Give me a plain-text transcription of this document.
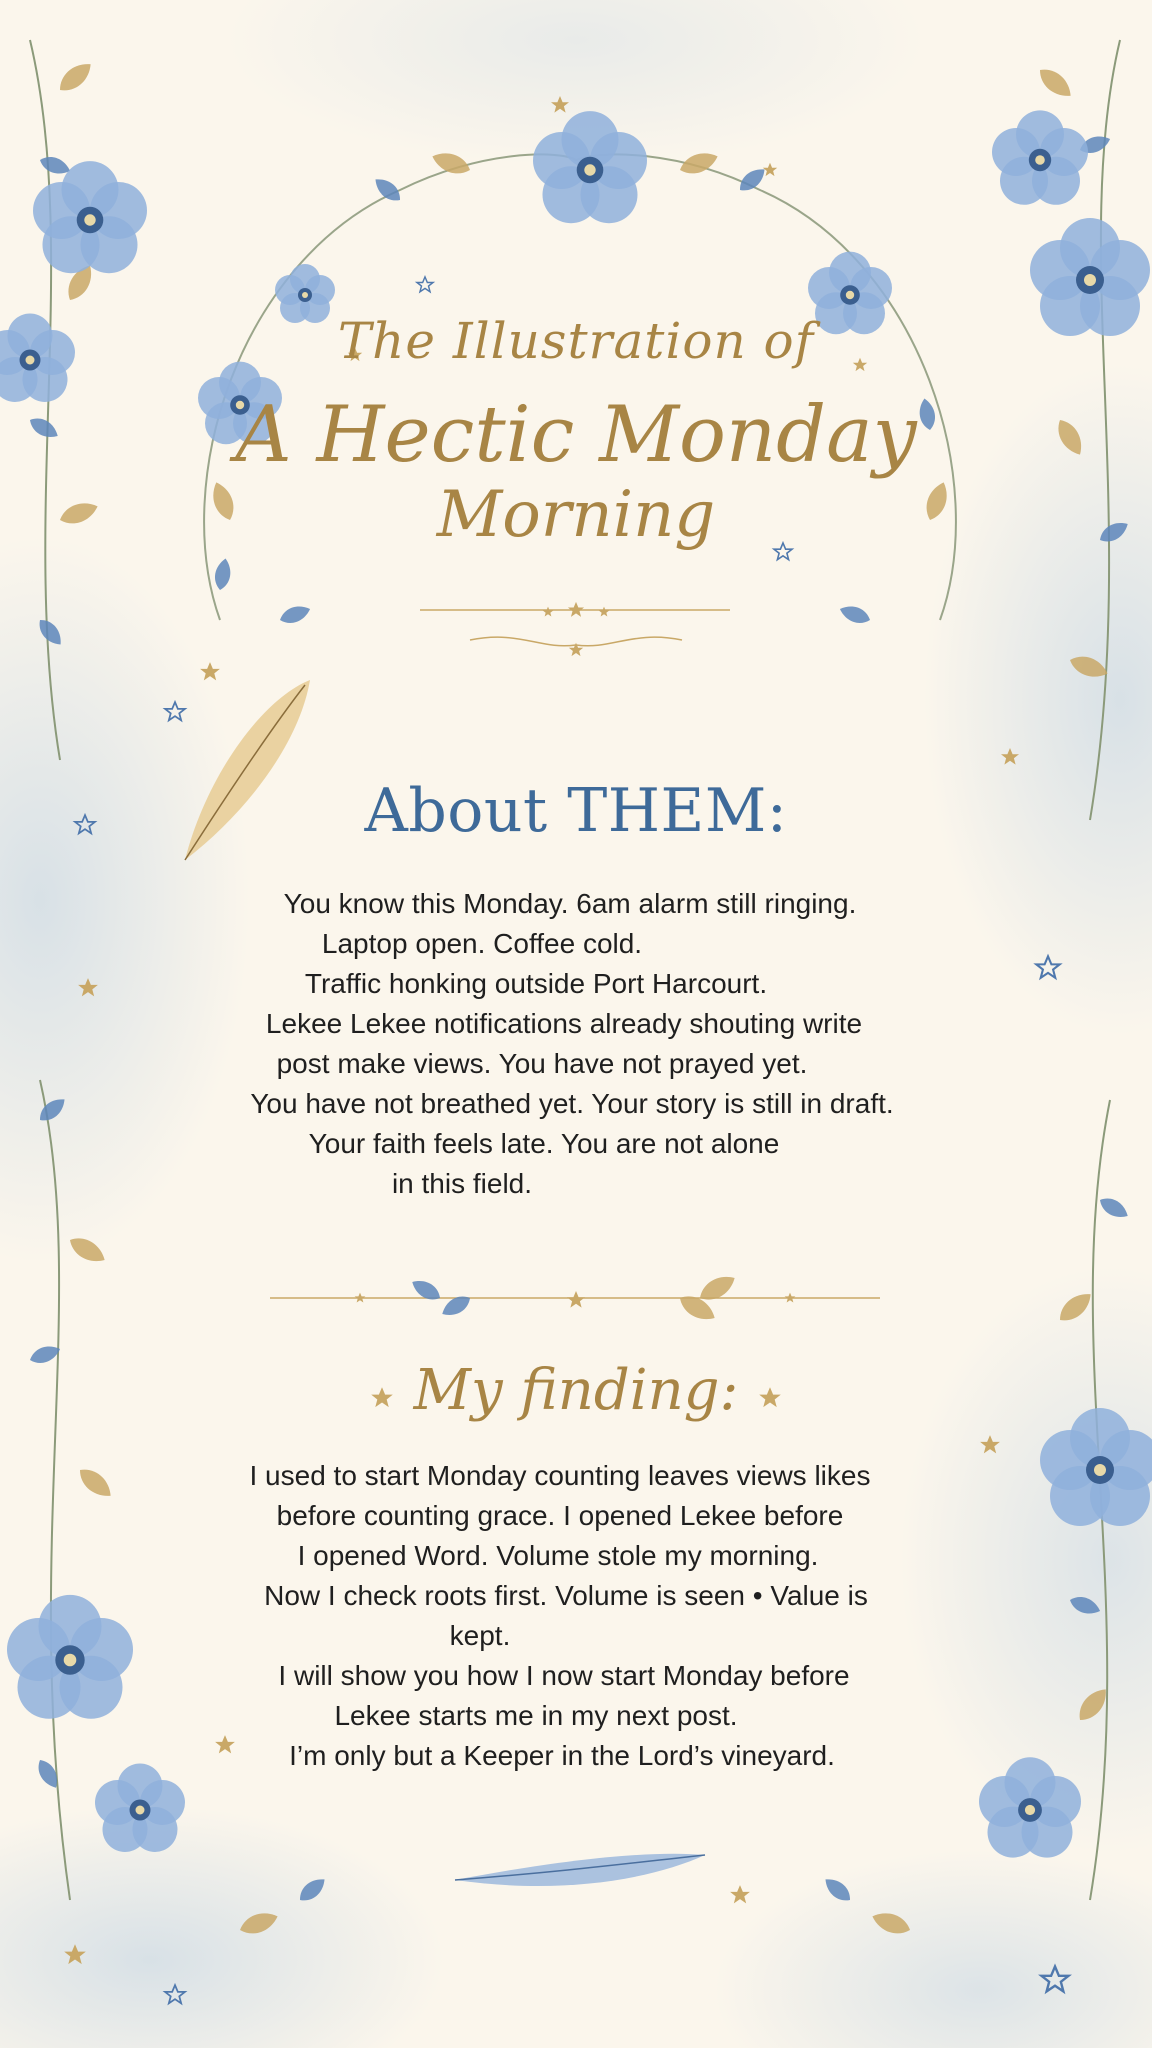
The Illustration of
A Hectic Monday
Morning
About THEM:
You know this Monday. 6am alarm still ringing.
Laptop open. Coffee cold.
Traffic honking outside Port Harcourt.
Lekee Lekee notifications already shouting write
post make views. You have not prayed yet.
You have not breathed yet. Your story is still in draft.
Your faith feels late. You are not alone
in this field.
My finding:
I used to start Monday counting leaves views likes
before counting grace. I opened Lekee before
I opened Word. Volume stole my morning.
Now I check roots first. Volume is seen • Value is
kept.
I will show you how I now start Monday before
Lekee starts me in my next post.
I’m only but a Keeper in the Lord’s vineyard.
